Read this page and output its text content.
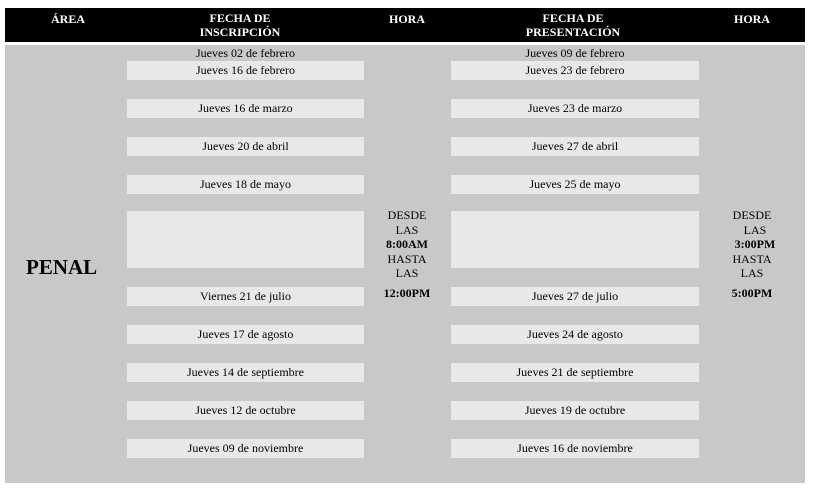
ÁREA	FECHA DE
INSCRIPCIÓN
HORA	FECHA DE
PRESENTACIÓN
HORA
PENAL
Jueves 02 de febrero
Jueves 16 de febrero
Jueves 16 de marzo
Jueves 20 de abril
Jueves 18 de mayo
Viernes 21 de julio
Jueves 17 de agosto
Jueves 14 de septiembre
Jueves 12 de octubre
Jueves 09 de noviembre
Jueves 09 de febrero
Jueves 23 de febrero
Jueves 23 de marzo
Jueves 27 de abril
Jueves 25 de mayo
Jueves 27 de julio
Jueves 24 de agosto
Jueves 21 de septiembre
Jueves 19 de octubre
Jueves 16 de noviembre
DESDE
LAS
8:00AM
HASTA
LAS
12:00PM
DESDE
LAS
3:00PM
HASTA
LAS
5:00PM
